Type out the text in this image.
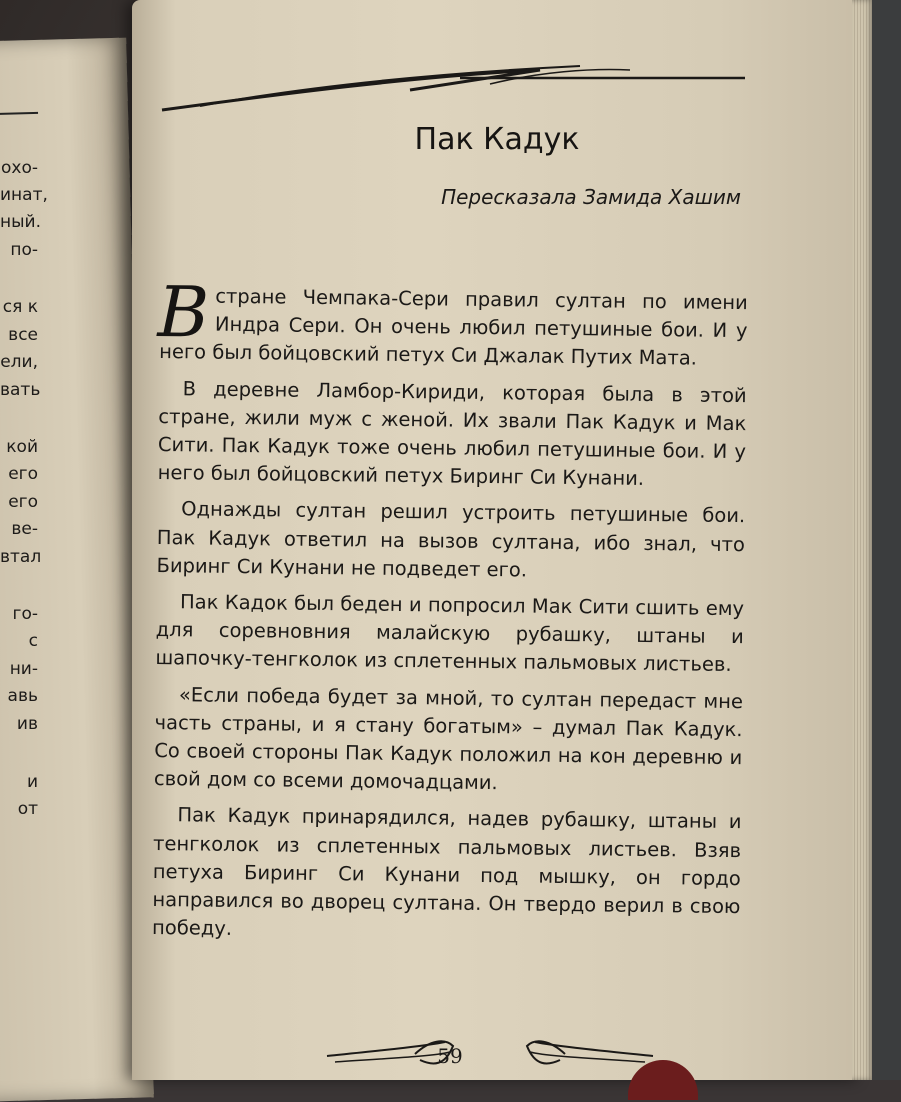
охо-
инат,
ный.
по-
ся к
все
ели,
вать
кой
его
его
ве-
втал
го-
с
ни-
авь
ив
и
от
Пак Кадук
Пересказала Замида Хашим

Встране Чемпака-Сери правил султан по имени Индра Сери. Он очень любил петушиные бои. И у него был бойцовский петух Си Джалак Путих Мата.

В деревне Ламбор-Кириди, которая была в этой стране, жили муж с женой. Их звали Пак Кадук и Мак Сити. Пак Кадук тоже очень любил петушиные бои. И у него был бойцовский петух Биринг Си Кунани.

Однажды султан решил устроить петушиные бои. Пак Кадук ответил на вызов султана, ибо знал, что Биринг Си Кунани не подведет его.

Пак Кадок был беден и попросил Мак Сити сшить ему для соревновния малайскую рубашку, штаны и шапочку-тенгколок из сплетенных пальмовых листьев.

«Если победа будет за мной, то султан передаст мне часть страны, и я стану богатым» – думал Пак Кадук. Со своей стороны Пак Кадук положил на кон деревню и свой дом со всеми домочадцами.

Пак Кадук принарядился, надев рубашку, штаны и тенгколок из сплетенных пальмовых листьев. Взяв петуха Биринг Си Кунани под мышку, он гордо направился во дворец султана. Он твердо верил в свою победу.

59
